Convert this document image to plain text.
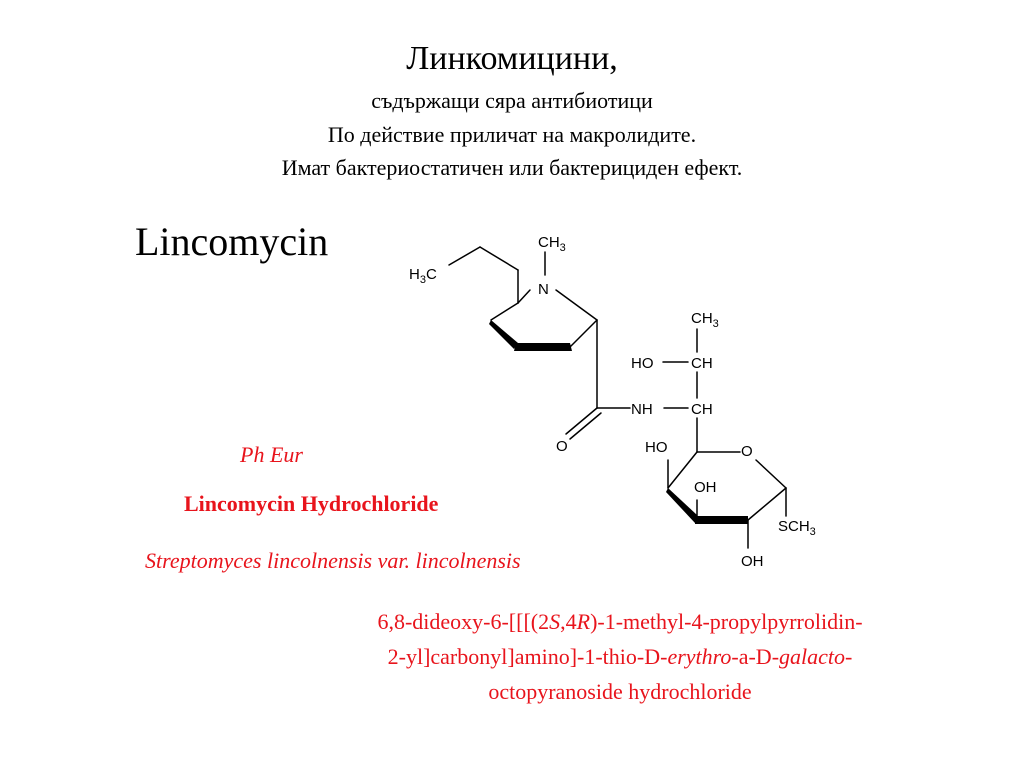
Линкомицини,
съдържащи сяра антибиотици
По действие приличат на макролидите.
Имат бактериостатичен или бактерициден ефект.
Lincomycin
Ph Eur
Lincomycin Hydrochloride
Streptomyces lincolnensis var. lincolnensis
6,8-dideoxy-6-[[[(2S,4R)-1-methyl-4-propylpyrrolidin-
2-yl]carbonyl]amino]-1-thio-D-erythro-a-D-galacto-
octopyranoside hydrochloride
$CH_3$
$H_3C$
N
$CH_3$
HO	CH
NH	CH
O	HO	O
OH
$SCH_3$
OH
